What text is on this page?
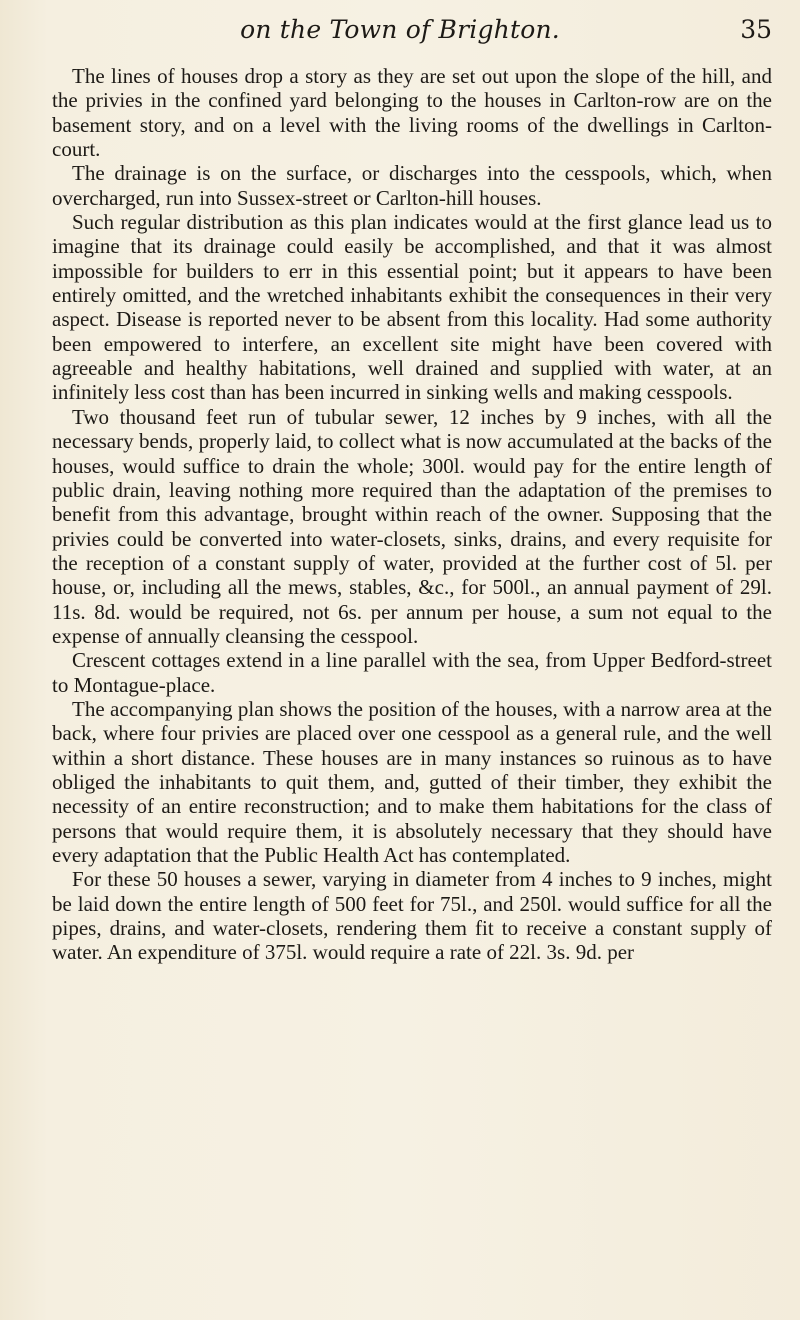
on the Town of Brighton.	35

The lines of houses drop a story as they are set out upon the slope of the hill, and the privies in the confined yard belonging to the houses in Carlton-row are on the basement story, and on a level with the living rooms of the dwellings in Carlton-court.

The drainage is on the surface, or discharges into the cesspools, which, when overcharged, run into Sussex-street or Carlton-hill houses.

Such regular distribution as this plan indicates would at the first glance lead us to imagine that its drainage could easily be accomplished, and that it was almost impossible for builders to err in this essential point; but it appears to have been entirely omitted, and the wretched inhabitants exhibit the consequences in their very aspect. Disease is reported never to be absent from this locality. Had some authority been empowered to interfere, an excellent site might have been covered with agreeable and healthy habitations, well drained and supplied with water, at an infinitely less cost than has been incurred in sinking wells and making cesspools.

Two thousand feet run of tubular sewer, 12 inches by 9 inches, with all the necessary bends, properly laid, to collect what is now accumulated at the backs of the houses, would suffice to drain the whole; 300l. would pay for the entire length of public drain, leaving nothing more required than the adaptation of the premises to benefit from this advantage, brought within reach of the owner. Supposing that the privies could be converted into water-closets, sinks, drains, and every requisite for the reception of a constant supply of water, provided at the further cost of 5l. per house, or, including all the mews, stables, &c., for 500l., an annual payment of 29l. 11s. 8d. would be required, not 6s. per annum per house, a sum not equal to the expense of annually cleansing the cesspool.

Crescent cottages extend in a line parallel with the sea, from Upper Bedford-street to Montague-place.

The accompanying plan shows the position of the houses, with a narrow area at the back, where four privies are placed over one cesspool as a general rule, and the well within a short distance. These houses are in many instances so ruinous as to have obliged the inhabitants to quit them, and, gutted of their timber, they exhibit the necessity of an entire reconstruction; and to make them habitations for the class of persons that would require them, it is absolutely necessary that they should have every adaptation that the Public Health Act has contemplated.

For these 50 houses a sewer, varying in diameter from 4 inches to 9 inches, might be laid down the entire length of 500 feet for 75l., and 250l. would suffice for all the pipes, drains, and water-closets, rendering them fit to receive a constant supply of water. An expenditure of 375l. would require a rate of 22l. 3s. 9d. per
